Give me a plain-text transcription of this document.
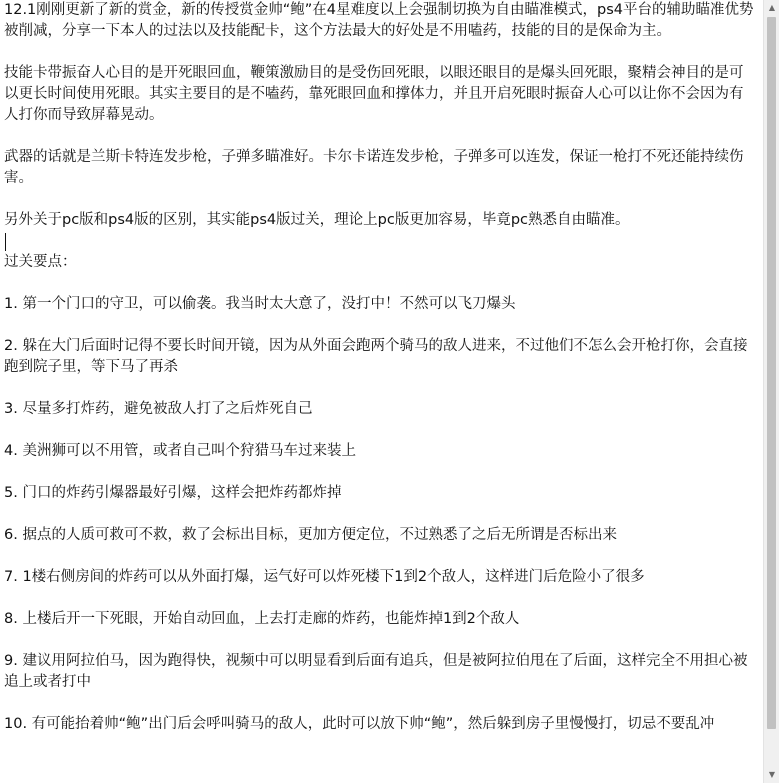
12.1刚刚更新了新的赏金，新的传授赏金帅“鲍”在4星难度以上会强制切换为自由瞄准模式，ps4平台的辅助瞄准优势被削减，分享一下本人的过法以及技能配卡，这个方法最大的好处是不用嗑药，技能的目的是保命为主。

技能卡带振奋人心目的是开死眼回血，鞭策激励目的是受伤回死眼，以眼还眼目的是爆头回死眼，聚精会神目的是可以更长时间使用死眼。其实主要目的是不嗑药，靠死眼回血和撑体力，并且开启死眼时振奋人心可以让你不会因为有人打你而导致屏幕晃动。

武器的话就是兰斯卡特连发步枪，子弹多瞄准好。卡尔卡诺连发步枪，子弹多可以连发，保证一枪打不死还能持续伤害。

另外关于pc版和ps4版的区别，其实能ps4版过关，理论上pc版更加容易，毕竟pc熟悉自由瞄准。

过关要点：

1. 第一个门口的守卫，可以偷袭。我当时太大意了，没打中！不然可以飞刀爆头

2. 躲在大门后面时记得不要长时间开镜，因为从外面会跑两个骑马的敌人进来，不过他们不怎么会开枪打你，会直接跑到院子里，等下马了再杀

3. 尽量多打炸药，避免被敌人打了之后炸死自己

4. 美洲狮可以不用管，或者自己叫个狩猎马车过来装上

5. 门口的炸药引爆器最好引爆，这样会把炸药都炸掉

6. 据点的人质可救可不救，救了会标出目标，更加方便定位，不过熟悉了之后无所谓是否标出来

7. 1楼右侧房间的炸药可以从外面打爆，运气好可以炸死楼下1到2个敌人，这样进门后危险小了很多

8. 上楼后开一下死眼，开始自动回血，上去打走廊的炸药，也能炸掉1到2个敌人

9. 建议用阿拉伯马，因为跑得快，视频中可以明显看到后面有追兵，但是被阿拉伯甩在了后面，这样完全不用担心被追上或者打中

10. 有可能抬着帅“鲍”出门后会呼叫骑马的敌人，此时可以放下帅“鲍”，然后躲到房子里慢慢打，切忌不要乱冲

▲
▼
